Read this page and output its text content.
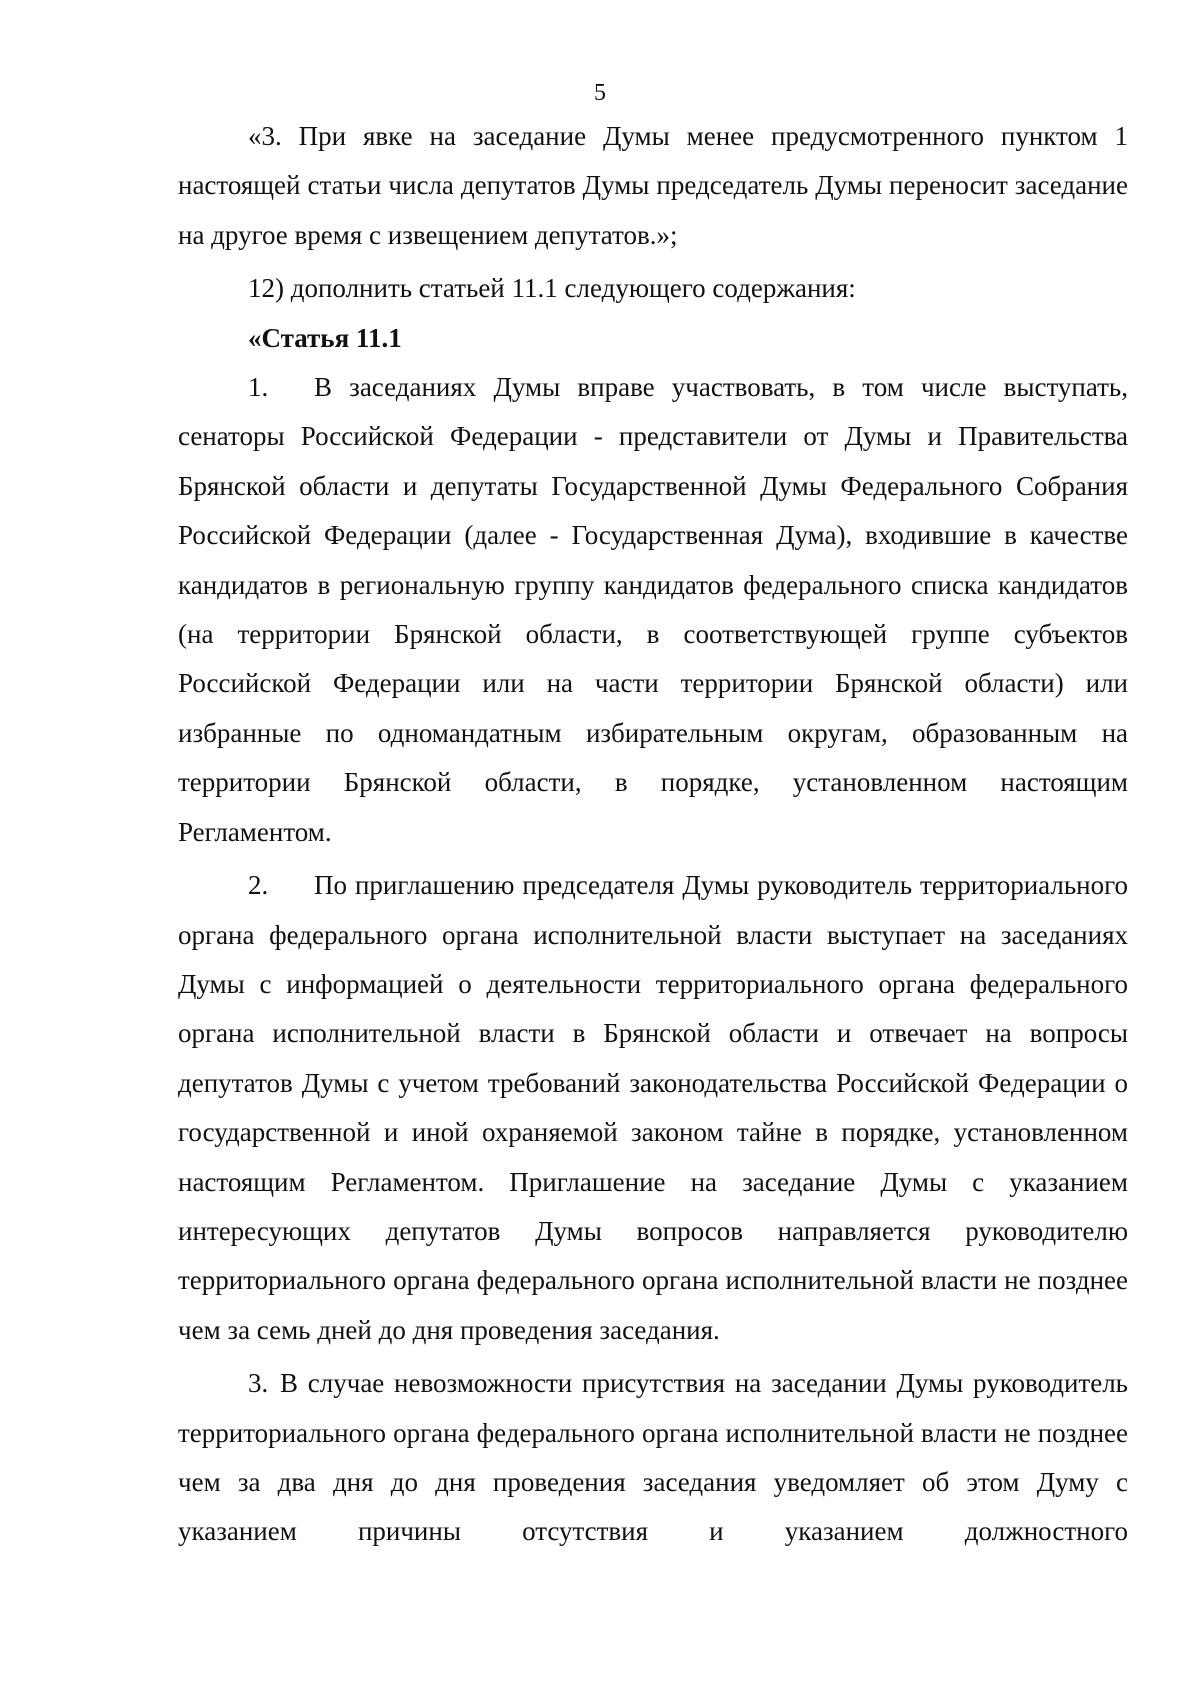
5

«3. При явке на заседание Думы менее предусмотренного пунктом 1 настоящей статьи числа депутатов Думы председатель Думы переносит заседание на другое время с извещением депутатов.»;

12) дополнить статьей 11.1 следующего содержания:

«Статья 11.1

1. В заседаниях Думы вправе участвовать, в том числе выступать, сенаторы Российской Федерации - представители от Думы и Правительства Брянской области и депутаты Государственной Думы Федерального Собрания Российской Федерации (далее - Государственная Дума), входившие в качестве кандидатов в региональную группу кандидатов федерального списка кандидатов (на территории Брянской области, в соответствующей группе субъектов Российской Федерации или на части территории Брянской области) или избранные по одномандатным избирательным округам, образованным на территории Брянской области, в порядке, установленном настоящим Регламентом.

2. По приглашению председателя Думы руководитель территориального органа федерального органа исполнительной власти выступает на заседаниях Думы с информацией о деятельности территориального органа федерального органа исполнительной власти в Брянской области и отвечает на вопросы депутатов Думы с учетом требований законодательства Российской Федерации о государственной и иной охраняемой законом тайне в порядке, установленном настоящим Регламентом. Приглашение на заседание Думы с указанием интересующих депутатов Думы вопросов направляется руководителю территориального органа федерального органа исполнительной власти не позднее чем за семь дней до дня проведения заседания.

3. В случае невозможности присутствия на заседании Думы руководитель территориального органа федерального органа исполнительной власти не позднее чем за два дня до дня проведения заседания уведомляет об этом Думу с указанием причины отсутствия и указанием должностного
